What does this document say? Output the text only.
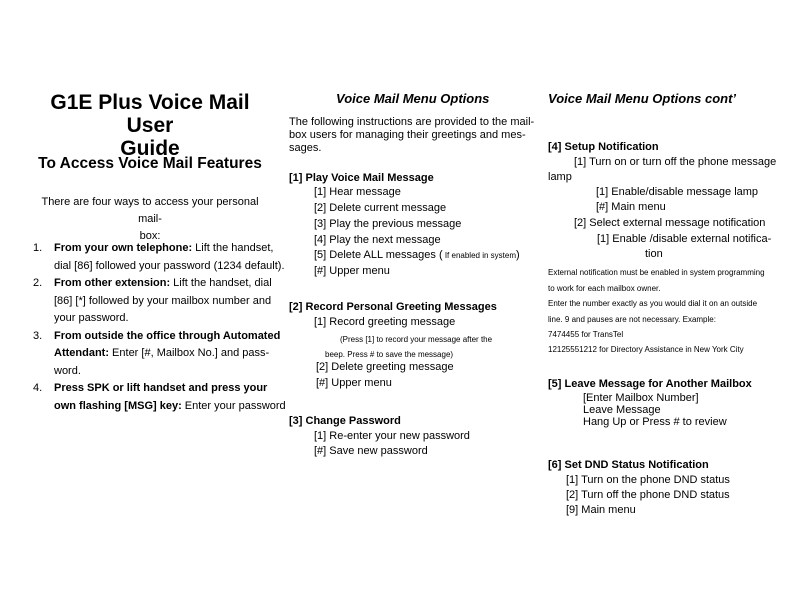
G1E Plus Voice Mail User
Guide
To Access Voice Mail Features
There are four ways to access your personal mail-
box:
1. From your own telephone: Lift the handset,
dial [86] followed your password (1234 default).
2. From other extension: Lift the handset, dial
[86] [*] followed by your mailbox number and
your password.
3. From outside the office through Automated
Attendant: Enter [#, Mailbox No.] and pass-
word.
4. Press SPK or lift handset and press your
own flashing [MSG] key: Enter your password
Voice Mail Menu Options
The following instructions are provided to the mail-
box users for managing their greetings and mes-
sages.
[1] Play Voice Mail Message
[1] Hear message
[2] Delete current message
[3] Play the previous message
[4] Play the next message
[5] Delete ALL messages ( If enabled in system)
[#] Upper menu
[2] Record Personal Greeting Messages
[1] Record greeting message
(Press [1] to record your message after the
beep. Press # to save the message)
[2] Delete greeting message
[#] Upper menu
[3] Change Password
[1] Re-enter your new password
[#] Save new password
Voice Mail Menu Options cont’
[4] Setup Notification
[1] Turn on or turn off the phone message
lamp
[1] Enable/disable message lamp
[#] Main menu
[2] Select external message notification
[1] Enable /disable external notifica-
tion
External notification must be enabled in system programming
to work for each mailbox owner.
Enter the number exactly as you would dial it on an outside
line. 9 and pauses are not necessary. Example:
7474455 for TransTel
12125551212 for Directory Assistance in New York City
[5] Leave Message for Another Mailbox
[Enter Mailbox Number]
Leave Message
Hang Up or Press # to review
[6] Set DND Status Notification
[1] Turn on the phone DND status
[2] Turn off the phone DND status
[9] Main menu
